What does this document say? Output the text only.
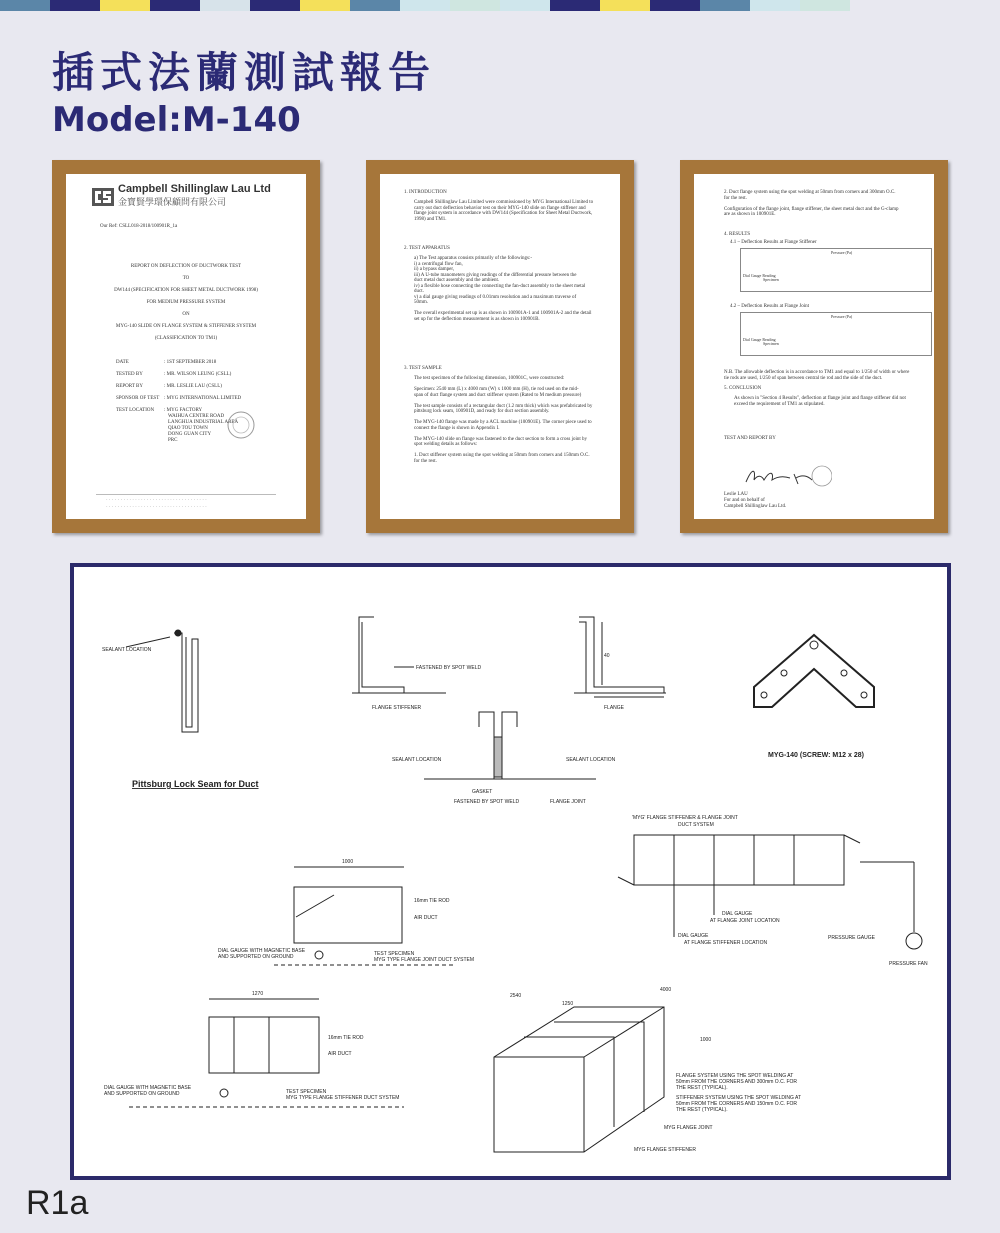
插式法蘭測試報告
Model:M-140
Campbell Shillinglaw Lau Ltd
金寶賢學環保顧問有限公司
Our Ref: CSLL018-2018/100901R_1a
REPORT ON DEFLECTION OF DUCTWORK TEST
TO
DW144 (SPECIFICATION FOR SHEET METAL DUCTWORK 1998)
FOR MEDIUM PRESSURE SYSTEM
ON
MYG-140 SLIDE ON FLANGE SYSTEM & STIFFENER SYSTEM
(CLASSIFICATION TO TM1)
DATE	: 1ST SEPTEMBER 2018
TESTED BY	: MR. WILSON LEUNG (CSLL)
REPORT BY	: MR. LESLIE LAU (CSLL)
SPONSOR OF TEST : MYG INTERNATIONAL LIMITED
TEST LOCATION : MYG FACTORY
WAIHUA CENTRE ROAD
LANGHUA INDUSTRIAL AREA
QIAO TOU TOWN
DONG GUAN CITY
PRC
· · · · · · · · · · · · · · · · · · · · · · · · · · · · · · · · · · ·
· · · · · · · · · · · · · · · · · · · · · · · · · · · · · · · · · · ·
1. INTRODUCTION
Campbell Shillinglaw Lau Limited were commissioned by MYG International Limited to
carry out duct deflection behavior test on their MYG-140 slide on flange stiffener and
flange joint system in accordance with DW144 (Specification for Sheet Metal Ductwork,
1998) and TM1.
2. TEST APPARATUS
a) The Test apparatus consists primarily of the followings:-
i) a centrifugal flow fan,
ii) a bypass damper,
iii) A U-tube manometers giving readings of the differential pressure between the
duct metal duct assembly and the ambient.
iv) a flexible hose connecting the connecting the fan-duct assembly to the sheet metal
duct.
v) a dial gauge giving readings of 0.01mm resolution and a maximum traverse of
50mm.
The overall experimental set up is as shown in 100901A-1 and 100901A-2 and the detail
set up for the deflection measurement is as shown in 100901B.
3. TEST SAMPLE
The test specimen of the following dimension, 100901C, were constructed:
Specimen: 2540 mm (L) x 4000 mm (W) x 1000 mm (H), tie rod used on the mid-
span of duct flange system and duct stiffener system (Rated to M medium pressure)
The test sample consists of a rectangular duct (1.2 mm thick) which was prefabricated by
pittsburg lock seam, 100901D, and ready for duct section assembly.
The MYG-140 flange was made by a ACL machine (100901E). The corner piece used to
connect the flange is shown in Appendix I.
The MYG-140 slide on flange was fastened to the duct section to form a cross joint by
spot welding details as follows:
1. Duct stiffener system using the spot welding at 50mm from corners and 150mm O.C.
for the rest.
2. Duct flange system using the spot welding at 50mm from corners and 300mm O.C.
for the rest.
Configuration of the flange joint, flange stiffener, the sheet metal duct and the G-clamp
are as shown in 100901E.
4. RESULTS
4.1 – Deflection Results at Flange Stiffener
Pressure (Pa)
Dial Gauge Reading
Specimen
4.2 – Deflection Results at Flange Joint
Pressure (Pa)
Dial Gauge Reading
Specimen
N.B. The allowable deflection is in accordance to TM1 and equal to 1/250 of width or where
tie rods are used, 1/250 of span between central tie rod and the side of the duct.
5. CONCLUSION
As shown in "Section 4 Results", deflection at flange joint and flange stiffener did not
exceed the requirement of TM1 as stipulated.
TEST AND REPORT BY
Leslie LAU
For and on behalf of
Campbell Shillinglaw Lau Ltd.
SEALANT LOCATION
Pittsburg Lock Seam for Duct
FLANGE STIFFENER	FLANGE
FASTENED BY SPOT WELD
40
SEALANT LOCATION	SEALANT LOCATION
GASKET
FASTENED BY SPOT WELD	FLANGE JOINT
MYG-140 (SCREW: M12 x 28)
'MYG' FLANGE STIFFENER & FLANGE JOINT
DUCT SYSTEM
DIAL GAUGE
AT FLANGE JOINT LOCATION
DIAL GAUGE
AT FLANGE STIFFENER LOCATION
PRESSURE GAUGE
PRESSURE FAN
1000
16mm TIE ROD
AIR DUCT
DIAL GAUGE WITH MAGNETIC BASE
AND SUPPORTED ON GROUND	TEST SPECIMEN
MYG TYPE FLANGE JOINT DUCT SYSTEM
1270
16mm TIE ROD
AIR DUCT
DIAL GAUGE WITH MAGNETIC BASE
AND SUPPORTED ON GROUND	TEST SPECIMEN
MYG TYPE FLANGE STIFFENER DUCT SYSTEM
2540
4000
1000
1250
FLANGE SYSTEM USING THE SPOT WELDING AT
50mm FROM THE CORNERS AND 300mm O.C. FOR
THE REST (TYPICAL).
STIFFENER SYSTEM USING THE SPOT WELDING AT
50mm FROM THE CORNERS AND 150mm O.C. FOR
THE REST (TYPICAL).
MYG FLANGE JOINT
MYG FLANGE STIFFENER
R1a
